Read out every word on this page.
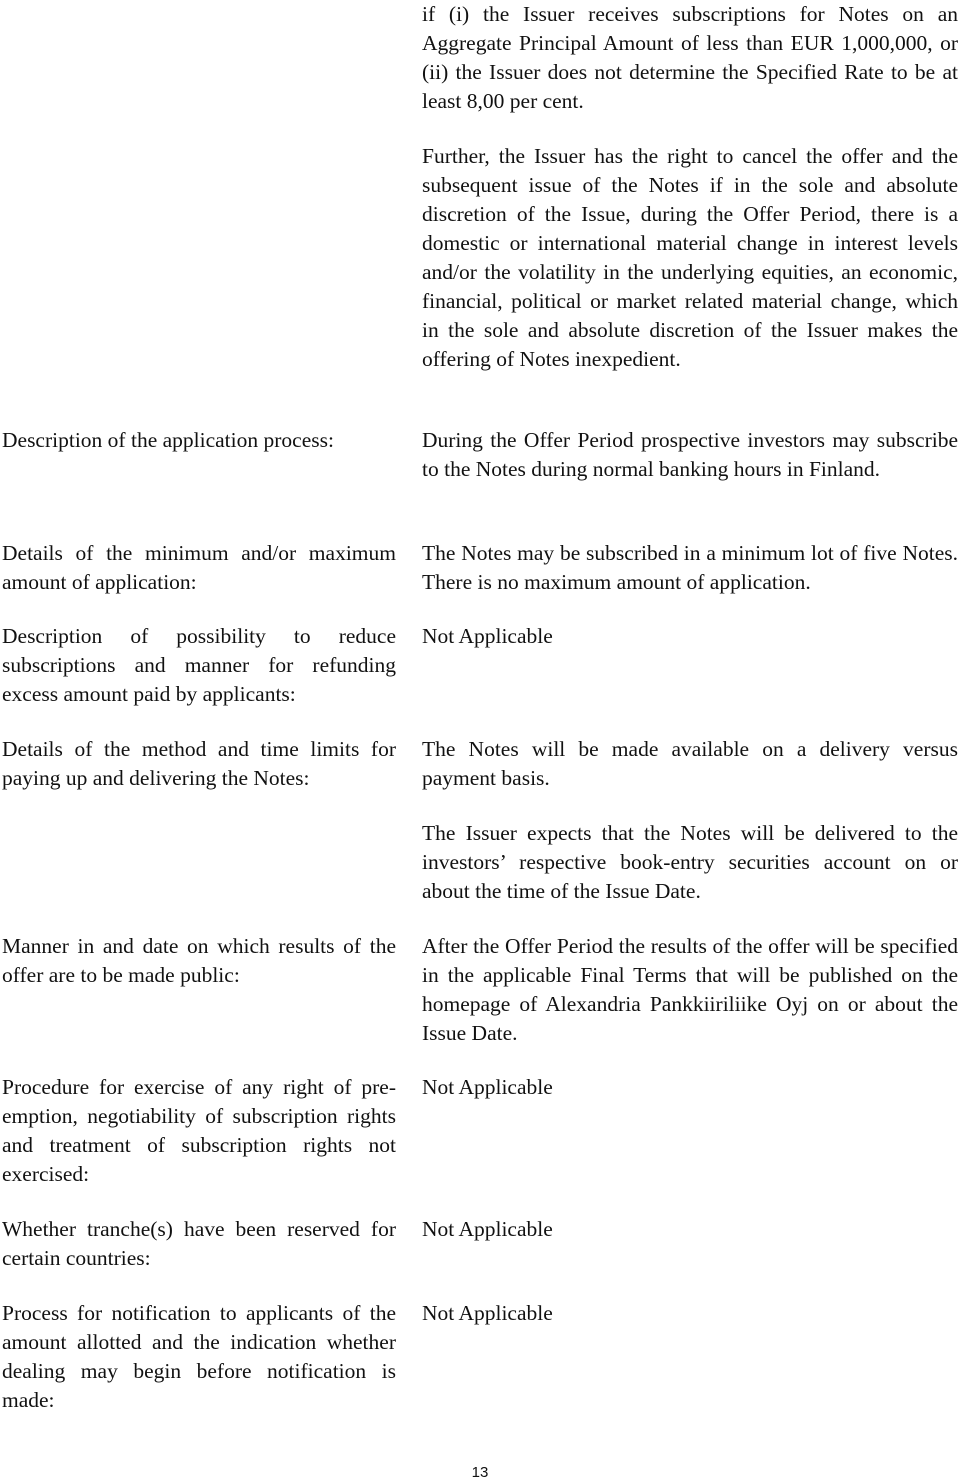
if (i) the Issuer receives subscriptions for Notes on an Aggregate Principal Amount of less than EUR 1,000,000, or (ii) the Issuer does not determine the Specified Rate to be at least 8,00 per cent.

Further, the Issuer has the right to cancel the offer and the subsequent issue of the Notes if in the sole and absolute discretion of the Issue, during the Offer Period, there is a domestic or international material change in interest levels and/or the volatility in the underlying equities, an economic, financial, political or market related material change, which in the sole and absolute discretion of the Issuer makes the offering of Notes inexpedient.

Description of the application process:	During the Offer Period prospective investors may subscribe to the Notes during normal banking hours in Finland.

Details of the minimum and/or maximum amount of application:

The Notes may be subscribed in a minimum lot of five Notes. There is no maximum amount of application.

Description of possibility to reduce subscriptions and manner for refunding excess amount paid by applicants:

Not Applicable

Details of the method and time limits for paying up and delivering the Notes:

The Notes will be made available on a delivery versus payment basis.

The Issuer expects that the Notes will be delivered to the investors’ respective book-entry securities account on or about the time of the Issue Date.

Manner in and date on which results of the offer are to be made public:

After the Offer Period the results of the offer will be specified in the applicable Final Terms that will be published on the homepage of Alexandria Pankkiiriliike Oyj on or about the Issue Date.

Procedure for exercise of any right of pre-emption, negotiability of subscription rights and treatment of subscription rights not exercised:

Not Applicable

Whether tranche(s) have been reserved for certain countries:

Not Applicable

Process for notification to applicants of the amount allotted and the indication whether dealing may begin before notification is made:

Not Applicable

13
